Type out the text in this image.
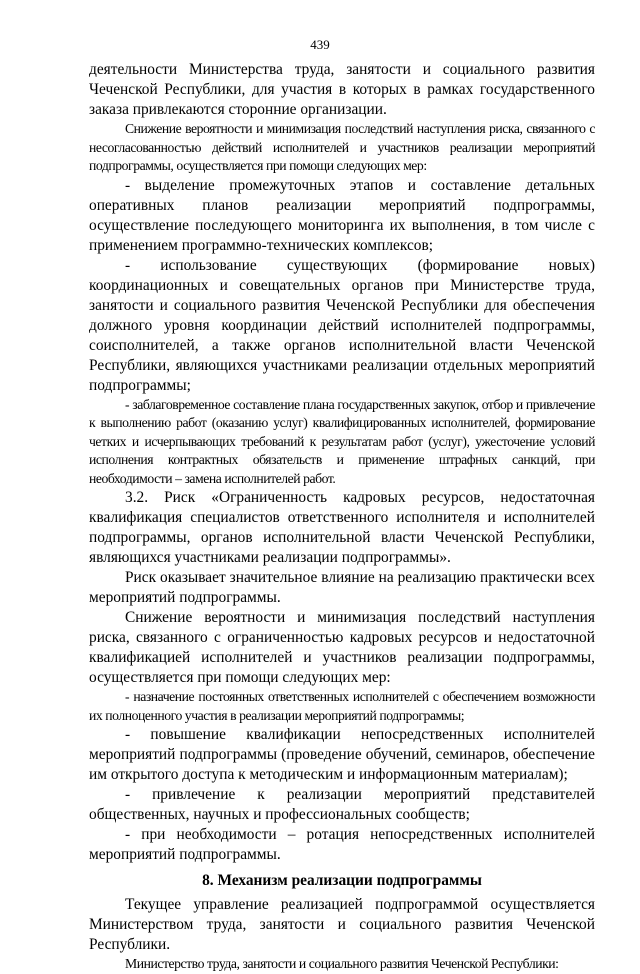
439

деятельности Министерства труда, занятости и социального развития Чеченской Республики, для участия в которых в рамках государственного заказа привлекаются сторонние организации.

Снижение вероятности и минимизация последствий наступления риска, связанного с несогласованностью действий исполнителей и участников реализации мероприятий подпрограммы, осуществляется при помощи следующих мер:

- выделение промежуточных этапов и составление детальных оперативных планов реализации мероприятий подпрограммы, осуществление последующего мониторинга их выполнения, в том числе с применением программно-технических комплексов;

- использование существующих (формирование новых) координационных и совещательных органов при Министерстве труда, занятости и социального развития Чеченской Республики для обеспечения должного уровня координации действий исполнителей подпрограммы, соисполнителей, а также органов исполнительной власти Чеченской Республики, являющихся участниками реализации отдельных мероприятий подпрограммы;

- заблаговременное составление плана государственных закупок, отбор и привлечение к выполнению работ (оказанию услуг) квалифицированных исполнителей, формирование четких и исчерпывающих требований к результатам работ (услуг), ужесточение условий исполнения контрактных обязательств и применение штрафных санкций, при необходимости – замена исполнителей работ.

3.2. Риск «Ограниченность кадровых ресурсов, недостаточная квалификация специалистов ответственного исполнителя и исполнителей подпрограммы, органов исполнительной власти Чеченской Республики, являющихся участниками реализации подпрограммы».

Риск оказывает значительное влияние на реализацию практически всех мероприятий подпрограммы.

Снижение вероятности и минимизация последствий наступления риска, связанного с ограниченностью кадровых ресурсов и недостаточной квалификацией исполнителей и участников реализации подпрограммы, осуществляется при помощи следующих мер:

- назначение постоянных ответственных исполнителей с обеспечением возможности их полноценного участия в реализации мероприятий подпрограммы;

- повышение квалификации непосредственных исполнителей мероприятий подпрограммы (проведение обучений, семинаров, обеспечение им открытого доступа к методическим и информационным материалам);

- привлечение к реализации мероприятий представителей общественных, научных и профессиональных сообществ;

- при необходимости – ротация непосредственных исполнителей мероприятий подпрограммы.

8. Механизм реализации подпрограммы

Текущее управление реализацией подпрограммой осуществляется Министерством труда, занятости и социального развития Чеченской Республики.

Министерство труда, занятости и социального развития Чеченской Республики:
